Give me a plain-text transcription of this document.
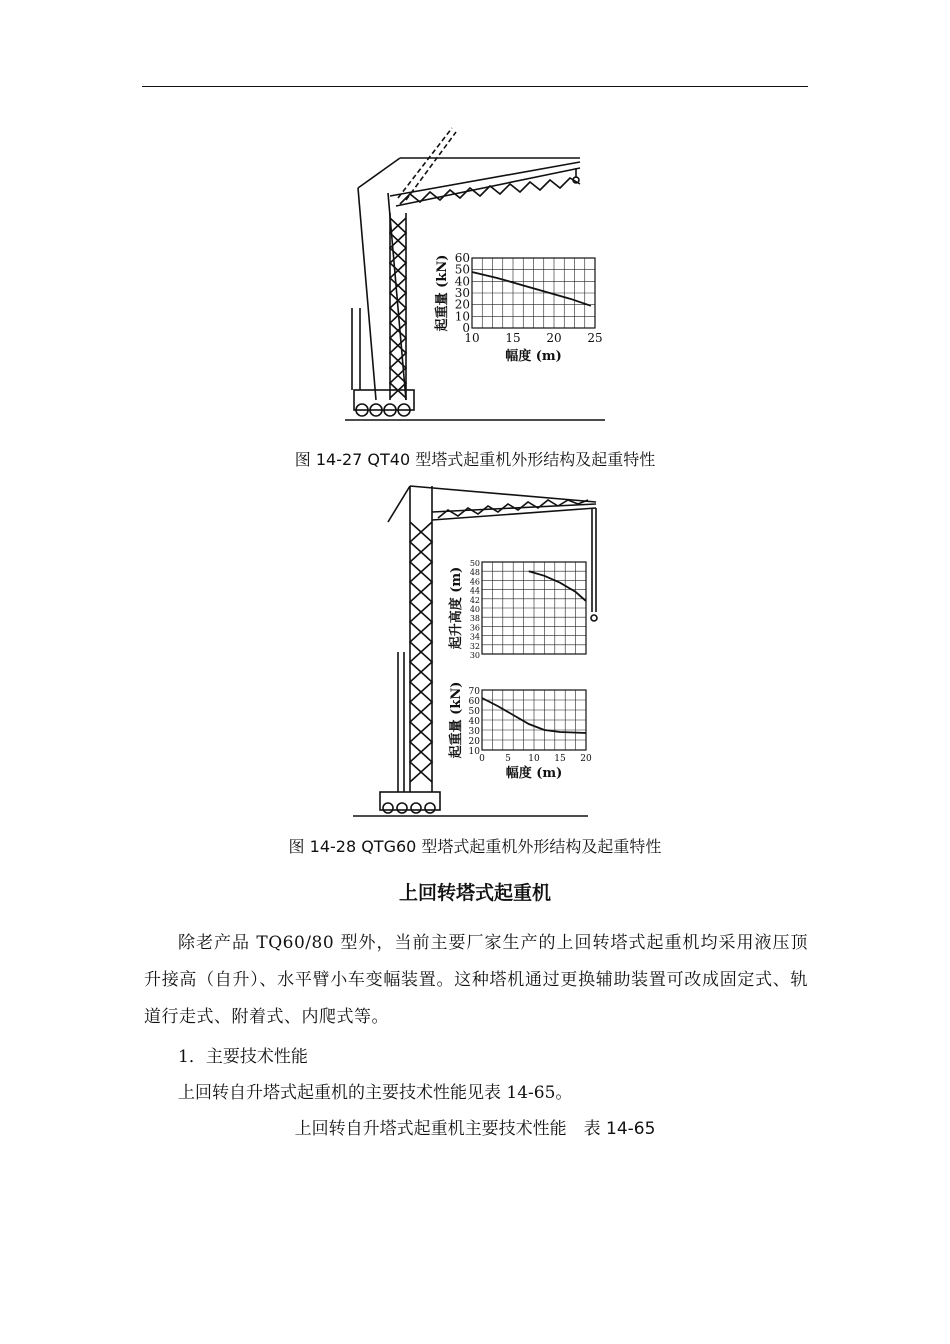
0
10
20
30
40
50
60
10 15 20 25
起重量 (kN)
幅度 (m)
图 14-27 QT40 型塔式起重机外形结构及起重特性
30
32
34
36
38
40
42
44
46
48
50
起升高度 (m)
10
20
30
40
50
60
70
0 5 10 15 20
起重量 (kN)
幅度 (m)
图 14-28 QTG60 型塔式起重机外形结构及起重特性
上回转塔式起重机
除老产品 TQ60/80 型外，当前主要厂家生产的上回转塔式起重机均采用液压顶升接高（自升）、水平臂小车变幅装置。这种塔机通过更换辅助装置可改成固定式、轨道行走式、附着式、内爬式等。
1．主要技术性能
上回转自升塔式起重机的主要技术性能见表 14-65。
上回转自升塔式起重机主要技术性能　表 14-65
